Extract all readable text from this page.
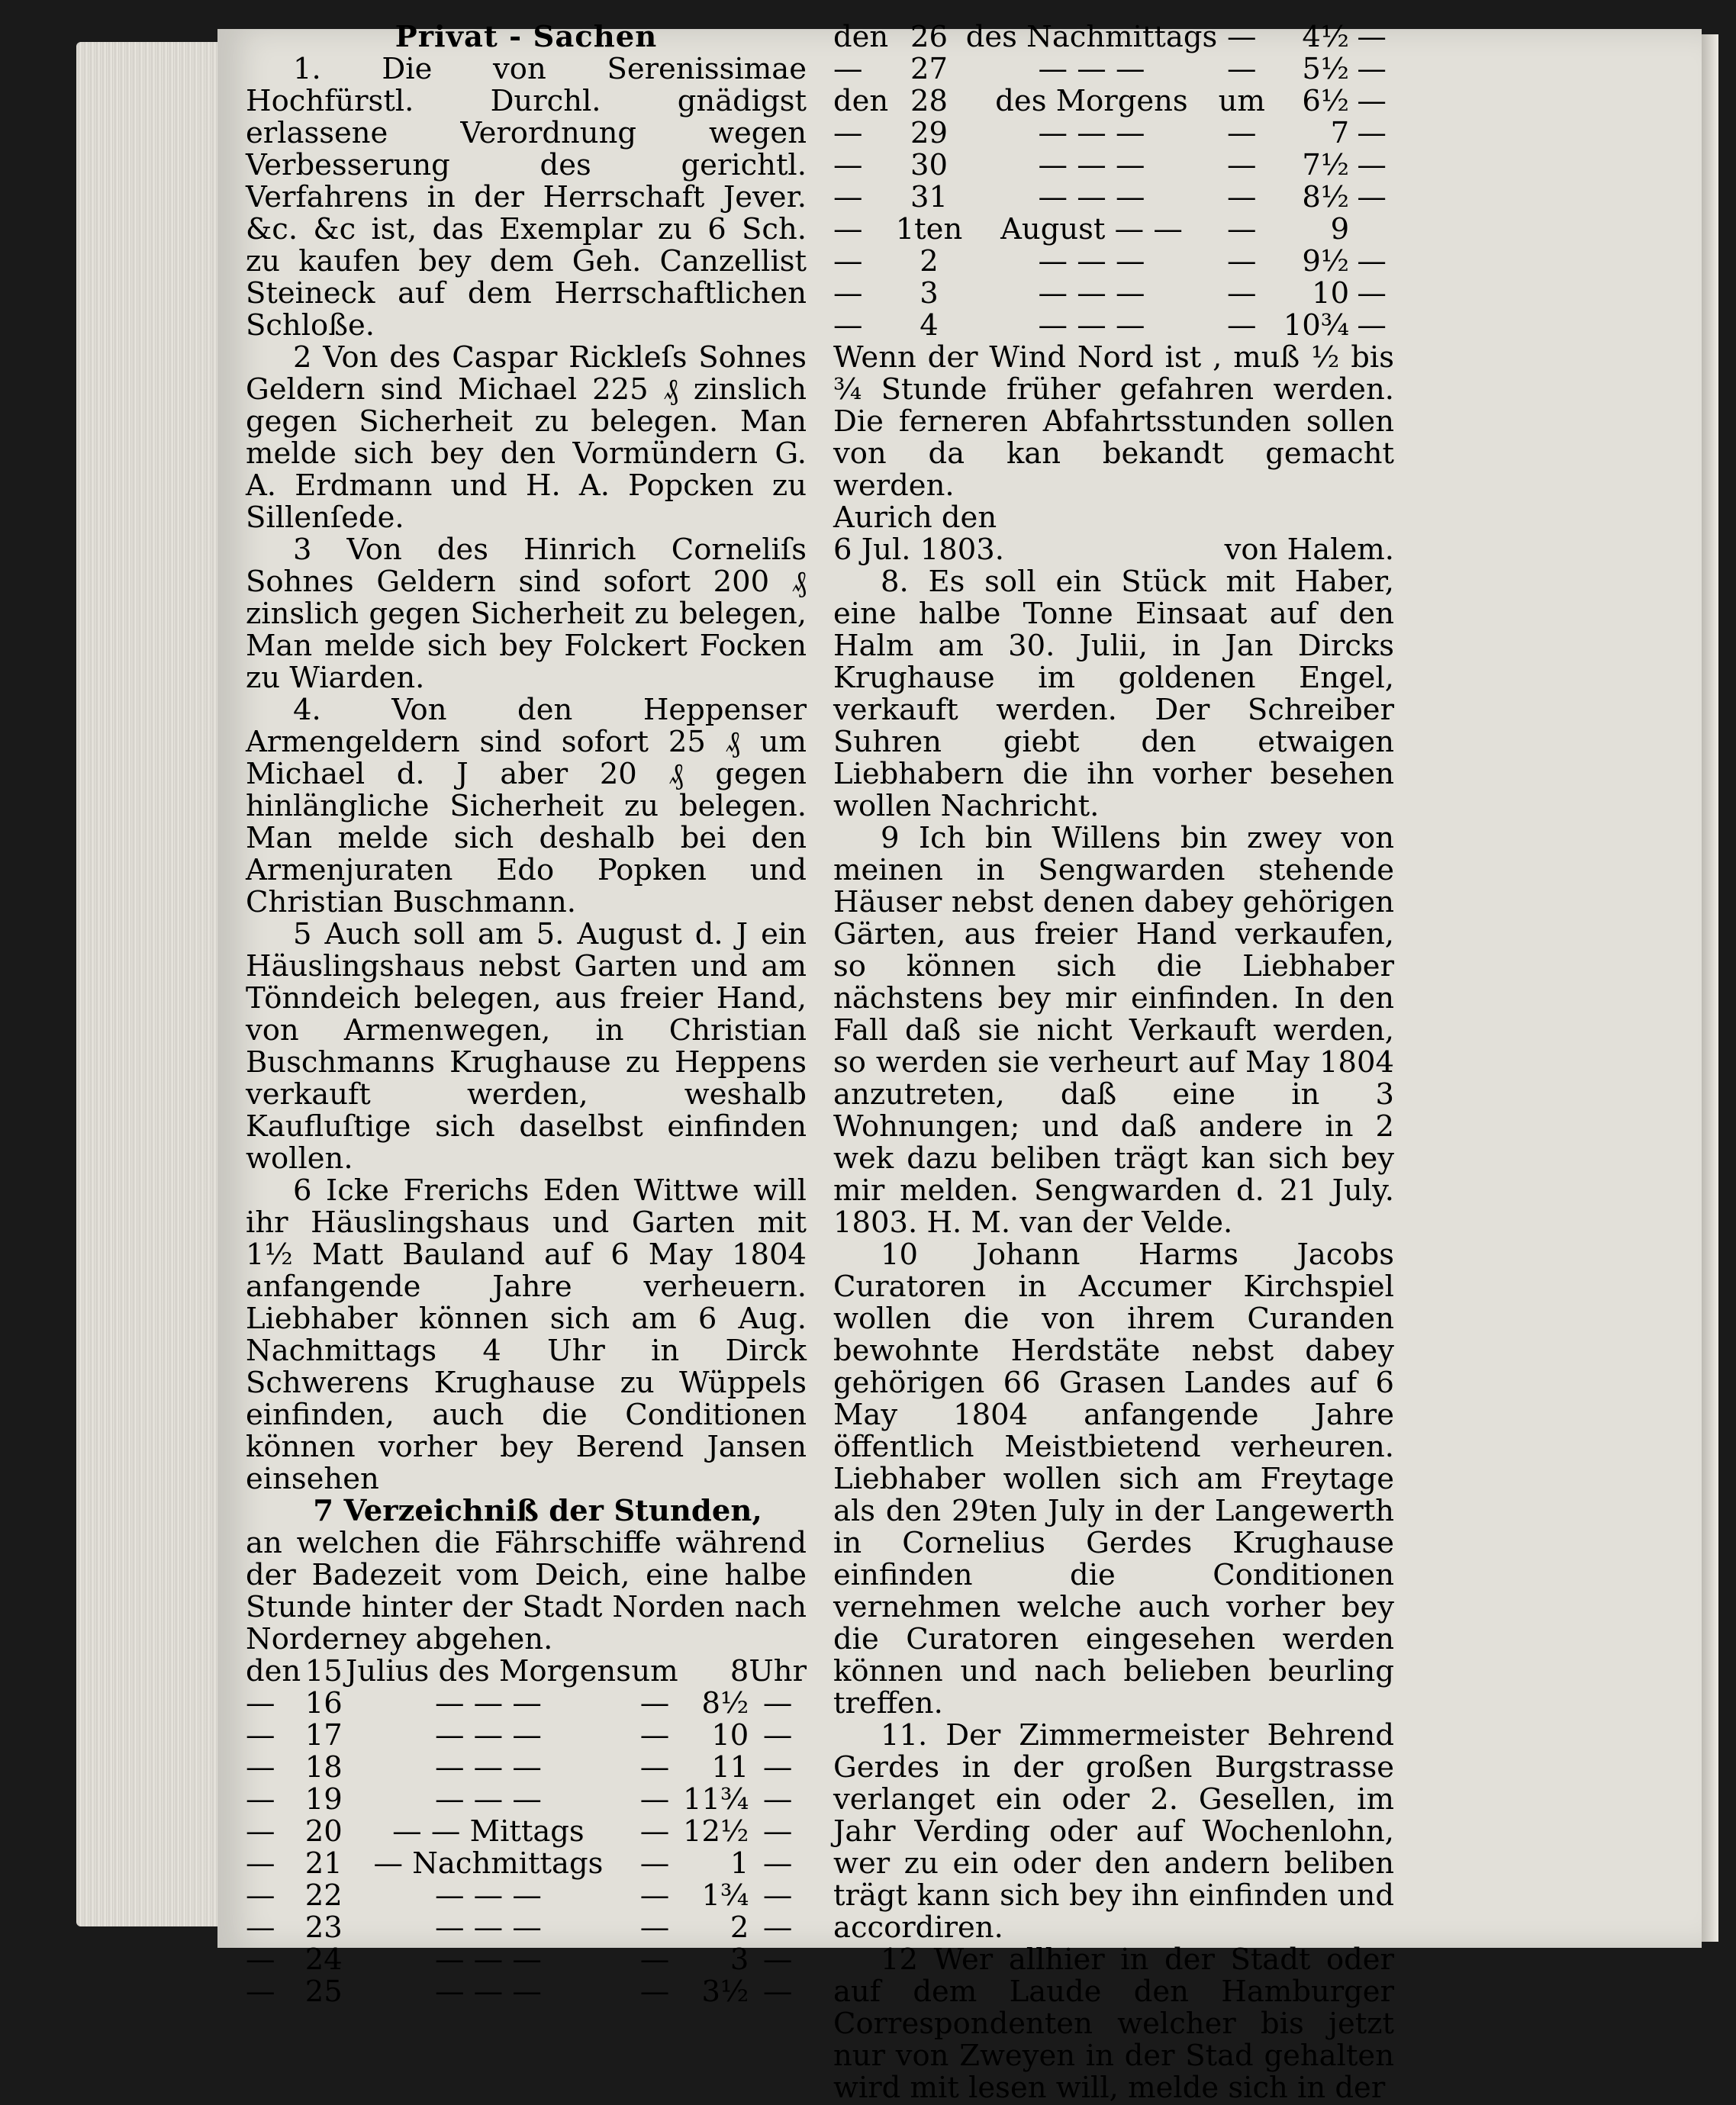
Privat - Sachen

1. Die von Serenissimae Hochfürstl. Durchl. gnädigst erlassene Verordnung wegen Verbesserung des gerichtl. Verfahrens in der Herrschaft Jever. &c. &c ist, das Exemplar zu 6 Sch. zu kaufen bey dem Geh. Canzellist Steineck auf dem Herrschaftlichen Schloße.

2 Von des Caspar Rickleſs Sohnes Geldern sind Michael 225 ₰ zinslich gegen Sicherheit zu belegen. Man melde sich bey den Vormündern G. A. Erdmann und H. A. Popcken zu Sillenſede.

3 Von des Hinrich Corneliſs Sohnes Geldern sind sofort 200 ₰ zinslich gegen Sicherheit zu belegen, Man melde sich bey Folckert Focken zu Wiarden.

4. Von den Heppenser Armengeldern sind sofort 25 ₰ um Michael d. J aber 20 ₰ gegen hinlängliche Sicherheit zu belegen. Man melde sich deshalb bei den Armenjuraten Edo Popken und Christian Buschmann.

5 Auch soll am 5. August d. J ein Häuslingshaus nebst Garten und am Tönndeich belegen, aus freier Hand, von Armenwegen, in Christian Buschmanns Krughause zu Heppens verkauft werden, weshalb Kaufluſtige sich daselbst einfinden wollen.

6 Icke Frerichs Eden Wittwe will ihr Häuslingshaus und Garten mit 1½ Matt Bauland auf 6 May 1804 anfangende Jahre verheuern. Liebhaber können sich am 6 Aug. Nachmittags 4 Uhr in Dirck Schwerens Krughause zu Wüppels einfinden, auch die Conditionen können vorher bey Berend Jansen einsehen

7 Verzeichniß der Stunden,

an welchen die Fährschiffe während der Badezeit vom Deich, eine halbe Stunde hinter der Stadt Norden nach Norderney abgehen.

den	15	Julius des Morgens	um	8	Uhr
—	16	— — —	—	8½	—
—	17	— — —	—	10	—
—	18	— — —	—	11	—
—	19	— — —	—	11¾	—
—	20	— — Mittags	—	12½	—
—	21	— Nachmittags	—	1	—
—	22	— — —	—	1¾	—
—	23	— — —	—	2	—
—	24	— — —	—	3	—
—	25	— — —	—	3½	—
den	26	des Nachmittags	—	4½	—
—	27	— — —	—	5½	—
den	28	des Morgens	um	6½	—
—	29	— — —	—	7	—
—	30	— — —	—	7½	—
—	31	— — —	—	8½	—
—	1ten	August — —	—	9	
—	2	— — —	—	9½	—
—	3	— — —	—	10	—
—	4	— — —	—	10¾	—

Wenn der Wind Nord ist , muß ½ bis ¾ Stunde früher gefahren werden. Die ferneren Abfahrtsstunden sollen von da kan bekandt gemacht werden.

Aurich den
6 Jul. 1803.	von Halem.

8. Es soll ein Stück mit Haber, eine halbe Tonne Einsaat auf den Halm am 30. Julii, in Jan Dircks Krughause im goldenen Engel, verkauft werden. Der Schreiber Suhren giebt den etwaigen Liebhabern die ihn vorher besehen wollen Nachricht.

9 Ich bin Willens bin zwey von meinen in Sengwarden stehende Häuser nebst denen dabey gehörigen Gärten, aus freier Hand verkaufen, so können sich die Liebhaber nächstens bey mir einfinden. In den Fall daß sie nicht Verkauft werden, so werden sie verheurt auf May 1804 anzutreten, daß eine in 3 Wohnungen; und daß andere in 2 wek dazu beliben trägt kan sich bey mir melden. Sengwarden d. 21 July. 1803. H. M. van der Velde.

10 Johann Harms Jacobs Curatoren in Accumer Kirchspiel wollen die von ihrem Curanden bewohnte Herdstäte nebst dabey gehörigen 66 Grasen Landes auf 6 May 1804 anfangende Jahre öffentlich Meistbietend verheuren. Liebhaber wollen sich am Freytage als den 29ten July in der Langewerth in Cornelius Gerdes Krughause einfinden die Conditionen vernehmen welche auch vorher bey die Curatoren eingesehen werden können und nach belieben beurling treffen.

11. Der Zimmermeister Behrend Gerdes in der großen Burgstrasse verlanget ein oder 2. Gesellen, im Jahr Verding oder auf Wochenlohn, wer zu ein oder den andern beliben trägt kann sich bey ihn einfinden und accordiren.

12 Wer allhier in der Stadt oder auf dem Laude den Hamburger Correspondenten welcher bis jetzt nur von Zweyen in der Stad gehalten wird mit lesen will, melde sich in der
